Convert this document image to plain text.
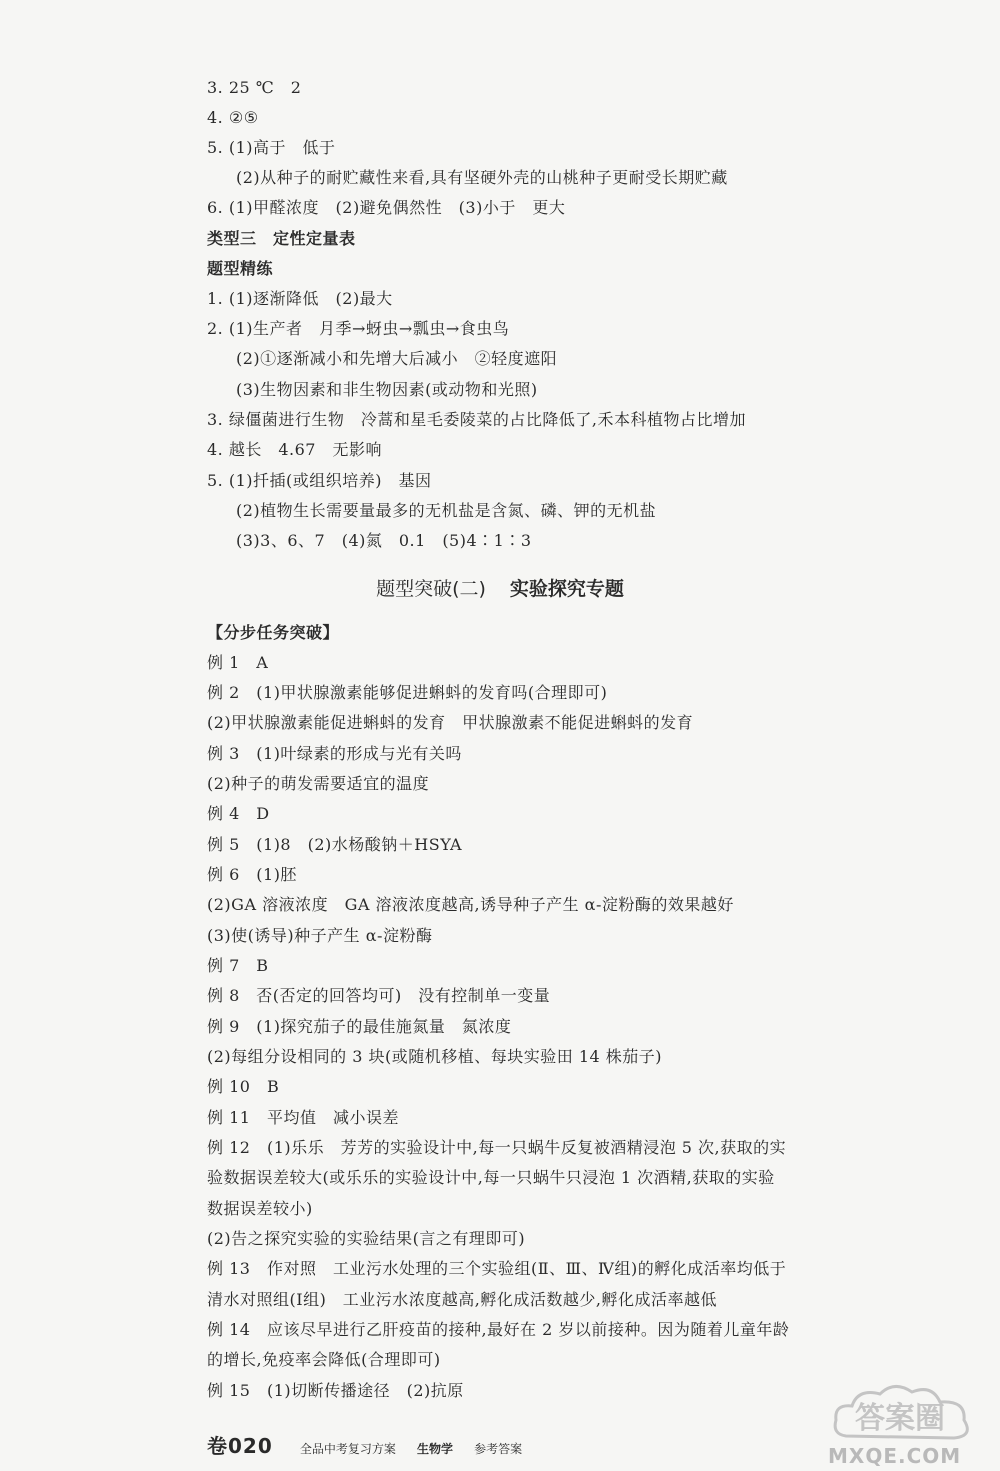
3. 25 ℃　2
4. ②⑤
5. (1)高于　低于
(2)从种子的耐贮藏性来看,具有坚硬外壳的山桃种子更耐受长期贮藏
6. (1)甲醛浓度　(2)避免偶然性　(3)小于　更大
类型三　定性定量表
题型精练
1. (1)逐渐降低　(2)最大
2. (1)生产者　月季→蚜虫→瓢虫→食虫鸟
(2)①逐渐减小和先增大后减小　②轻度遮阳
(3)生物因素和非生物因素(或动物和光照)
3. 绿僵菌进行生物　冷蒿和星毛委陵菜的占比降低了,禾本科植物占比增加
4. 越长　4.67　无影响
5. (1)扦插(或组织培养)　基因
(2)植物生长需要量最多的无机盐是含氮、磷、钾的无机盐
(3)3、6、7　(4)氮　0.1　(5)4∶1∶3
【分步任务突破】
例 1　A
例 2　(1)甲状腺激素能够促进蝌蚪的发育吗(合理即可)
(2)甲状腺激素能促进蝌蚪的发育　甲状腺激素不能促进蝌蚪的发育
例 3　(1)叶绿素的形成与光有关吗
(2)种子的萌发需要适宜的温度
例 4　D
例 5　(1)8　(2)水杨酸钠＋HSYA
例 6　(1)胚
(2)GA 溶液浓度　GA 溶液浓度越高,诱导种子产生 α-淀粉酶的效果越好
(3)使(诱导)种子产生 α-淀粉酶
例 7　B
例 8　否(否定的回答均可)　没有控制单一变量
例 9　(1)探究茄子的最佳施氮量　氮浓度
(2)每组分设相同的 3 块(或随机移植、每块实验田 14 株茄子)
例 10　B
例 11　平均值　减小误差
例 12　(1)乐乐　芳芳的实验设计中,每一只蜗牛反复被酒精浸泡 5 次,获取的实
验数据误差较大(或乐乐的实验设计中,每一只蜗牛只浸泡 1 次酒精,获取的实验
数据误差较小)
(2)告之探究实验的实验结果(言之有理即可)
例 13　作对照　工业污水处理的三个实验组(Ⅱ、Ⅲ、Ⅳ组)的孵化成活率均低于
清水对照组(Ⅰ组)　工业污水浓度越高,孵化成活数越少,孵化成活率越低
例 14　应该尽早进行乙肝疫苗的接种,最好在 2 岁以前接种。因为随着儿童年龄
的增长,免疫率会降低(合理即可)
例 15　(1)切断传播途径　(2)抗原
题型突破(二) 实验探究专题
卷020 全品中考复习方案 生物学 参考答案
答案圈
MXQE.COM
